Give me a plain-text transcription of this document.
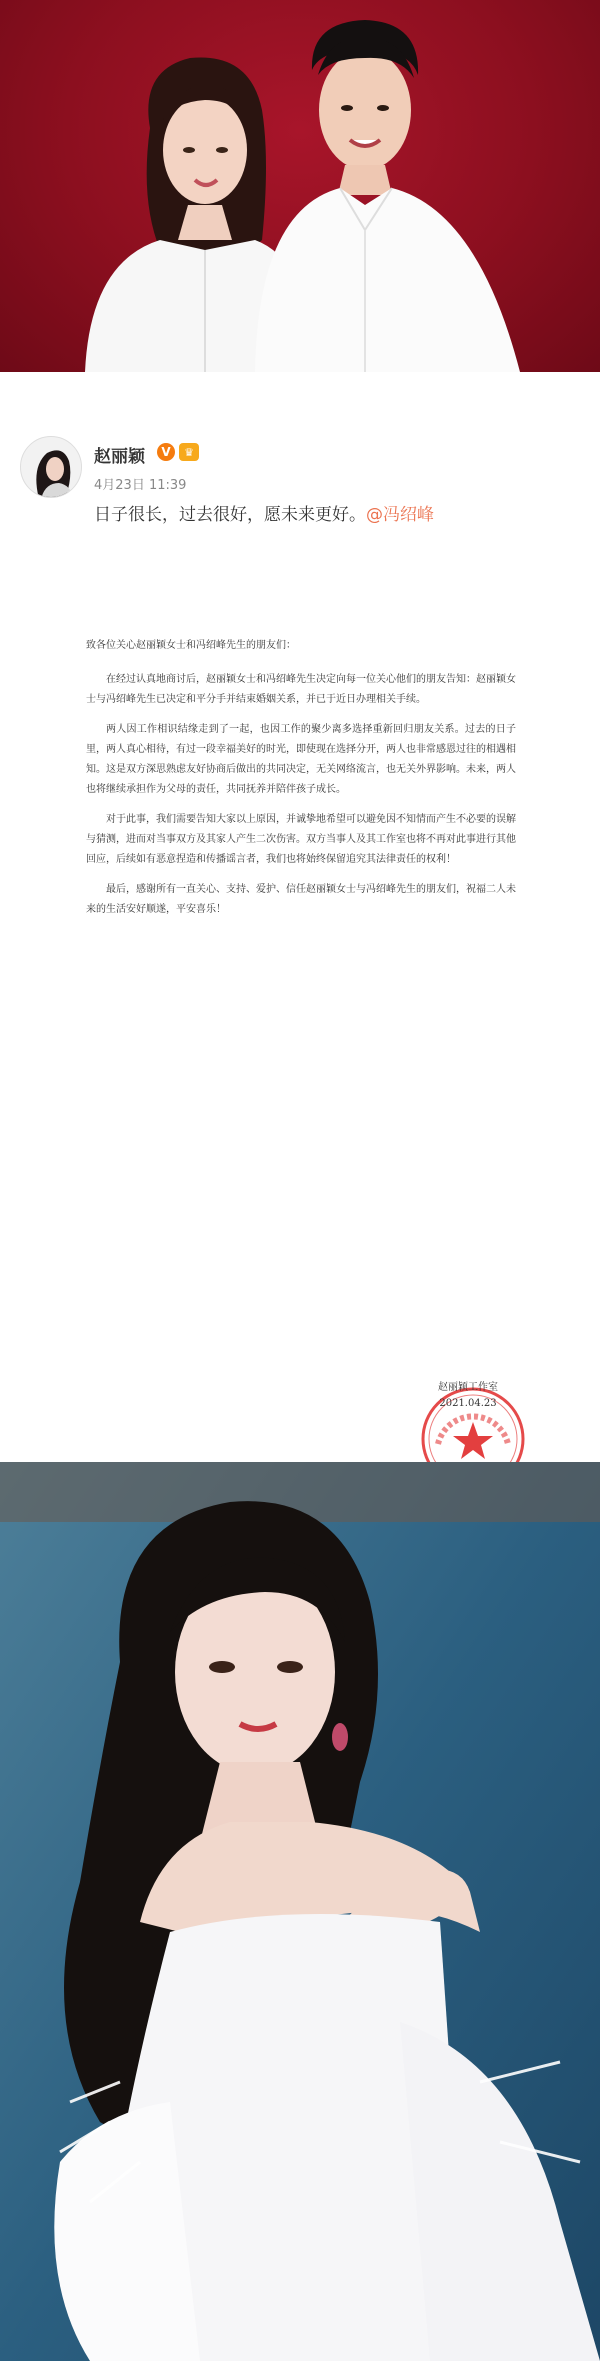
赵丽颖	V	♛
4月23日 11:39
日子很长，过去很好，愿未来更好。@冯绍峰

致各位关心赵丽颖女士和冯绍峰先生的朋友们：

在经过认真地商讨后，赵丽颖女士和冯绍峰先生决定向每一位关心他们的朋友告知：赵丽颖女士与冯绍峰先生已决定和平分手并结束婚姻关系，并已于近日办理相关手续。

两人因工作相识结缘走到了一起，也因工作的聚少离多选择重新回归朋友关系。过去的日子里，两人真心相待，有过一段幸福美好的时光，即使现在选择分开，两人也非常感恩过往的相遇相知。这是双方深思熟虑友好协商后做出的共同决定，无关网络流言，也无关外界影响。未来，两人也将继续承担作为父母的责任，共同抚养并陪伴孩子成长。

对于此事，我们需要告知大家以上原因，并诚挚地希望可以避免因不知情而产生不必要的误解与猜测，进而对当事双方及其家人产生二次伤害。双方当事人及其工作室也将不再对此事进行其他回应，后续如有恶意捏造和传播谣言者，我们也将始终保留追究其法律责任的权利！

最后，感谢所有一直关心、支持、爱护、信任赵丽颖女士与冯绍峰先生的朋友们，祝福二人未来的生活安好顺遂，平安喜乐！

赵丽颖工作室
2021.04.23
